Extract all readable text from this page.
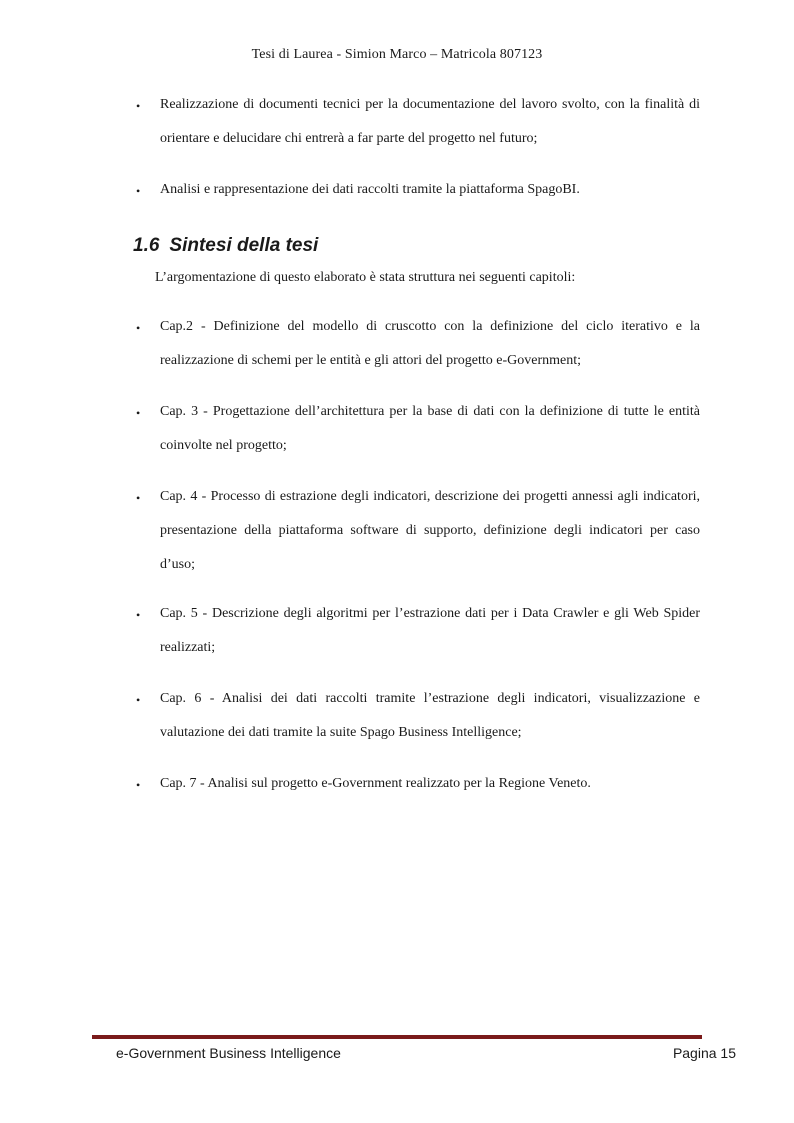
Tesi di Laurea - Simion Marco – Matricola 807123
• Realizzazione di documenti tecnici per la documentazione del lavoro svolto, con la finalità di orientare e delucidare chi entrerà a far parte del progetto nel futuro;
• Analisi e rappresentazione dei dati raccolti tramite la piattaforma SpagoBI.
1.6 Sintesi della tesi
L’argomentazione di questo elaborato è stata struttura nei seguenti capitoli:
• Cap.2 - Definizione del modello di cruscotto con la definizione del ciclo iterativo e la realizzazione di schemi per le entità e gli attori del progetto e-Government;
• Cap. 3 - Progettazione dell’architettura per la base di dati con la definizione di tutte le entità coinvolte nel progetto;
• Cap. 4 - Processo di estrazione degli indicatori, descrizione dei progetti annessi agli indicatori, presentazione della piattaforma software di supporto, definizione degli indicatori per caso d’uso;
• Cap. 5 - Descrizione degli algoritmi per l’estrazione dati per i Data Crawler e gli Web Spider realizzati;
• Cap. 6 - Analisi dei dati raccolti tramite l’estrazione degli indicatori, visualizzazione e valutazione dei dati tramite la suite Spago Business Intelligence;
• Cap. 7 - Analisi sul progetto e-Government realizzato per la Regione Veneto.
e-Government Business Intelligence	Pagina 15
